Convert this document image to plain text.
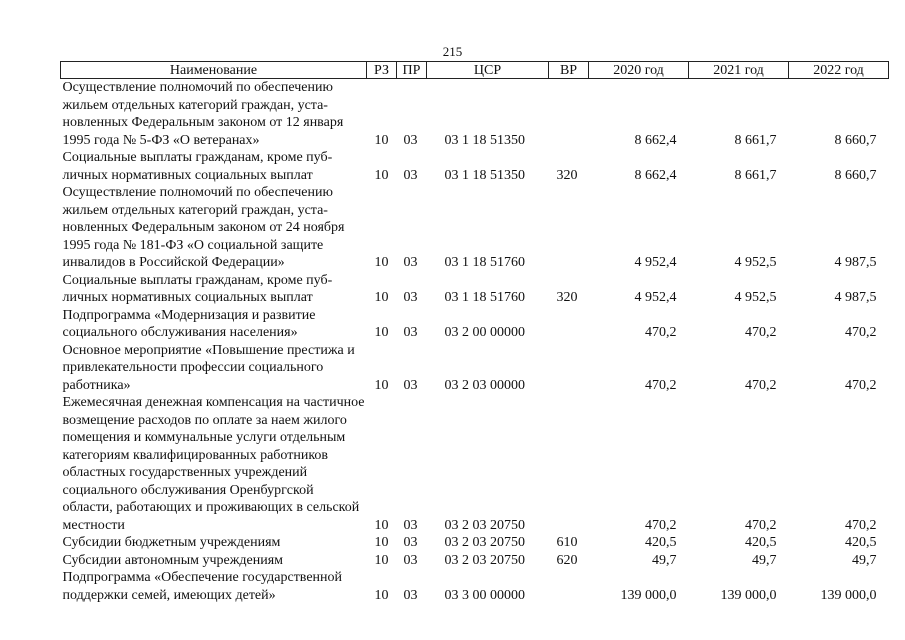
215
Наименование	РЗ	ПР	ЦСР	ВР	2020 год	2021 год	2022 год
Осуществление полномочий по обеспечению жильем отдельных категорий граждан, установленных Федеральным законом от 12 января 1995 года № 5-ФЗ «О ветеранах»	10	03	03 1 18 51350		8 662,4	8 661,7	8 660,7
Социальные выплаты гражданам, кроме публичных нормативных социальных выплат	10	03	03 1 18 51350	320	8 662,4	8 661,7	8 660,7
Осуществление полномочий по обеспечению жильем отдельных категорий граждан, установленных Федеральным законом от 24 ноября 1995 года № 181-ФЗ «О социальной защите инвалидов в Российской Федерации»	10	03	03 1 18 51760		4 952,4	4 952,5	4 987,5
Социальные выплаты гражданам, кроме публичных нормативных социальных выплат	10	03	03 1 18 51760	320	4 952,4	4 952,5	4 987,5
Подпрограмма «Модернизация и развитие социального обслуживания населения»	10	03	03 2 00 00000		470,2	470,2	470,2
Основное мероприятие «Повышение престижа и привлекательности профессии социального работника»	10	03	03 2 03 00000		470,2	470,2	470,2
Ежемесячная денежная компенсация на частичное возмещение расходов по оплате за наем жилого помещения и коммунальные услуги отдельным категориям квалифицированных работников областных государственных учреждений социального обслуживания Оренбургской области, работающих и проживающих в сельской местности	10	03	03 2 03 20750		470,2	470,2	470,2
Субсидии бюджетным учреждениям	10	03	03 2 03 20750	610	420,5	420,5	420,5
Субсидии автономным учреждениям	10	03	03 2 03 20750	620	49,7	49,7	49,7
Подпрограмма «Обеспечение государственной поддержки семей, имеющих детей»	10	03	03 3 00 00000		139 000,0	139 000,0	139 000,0
